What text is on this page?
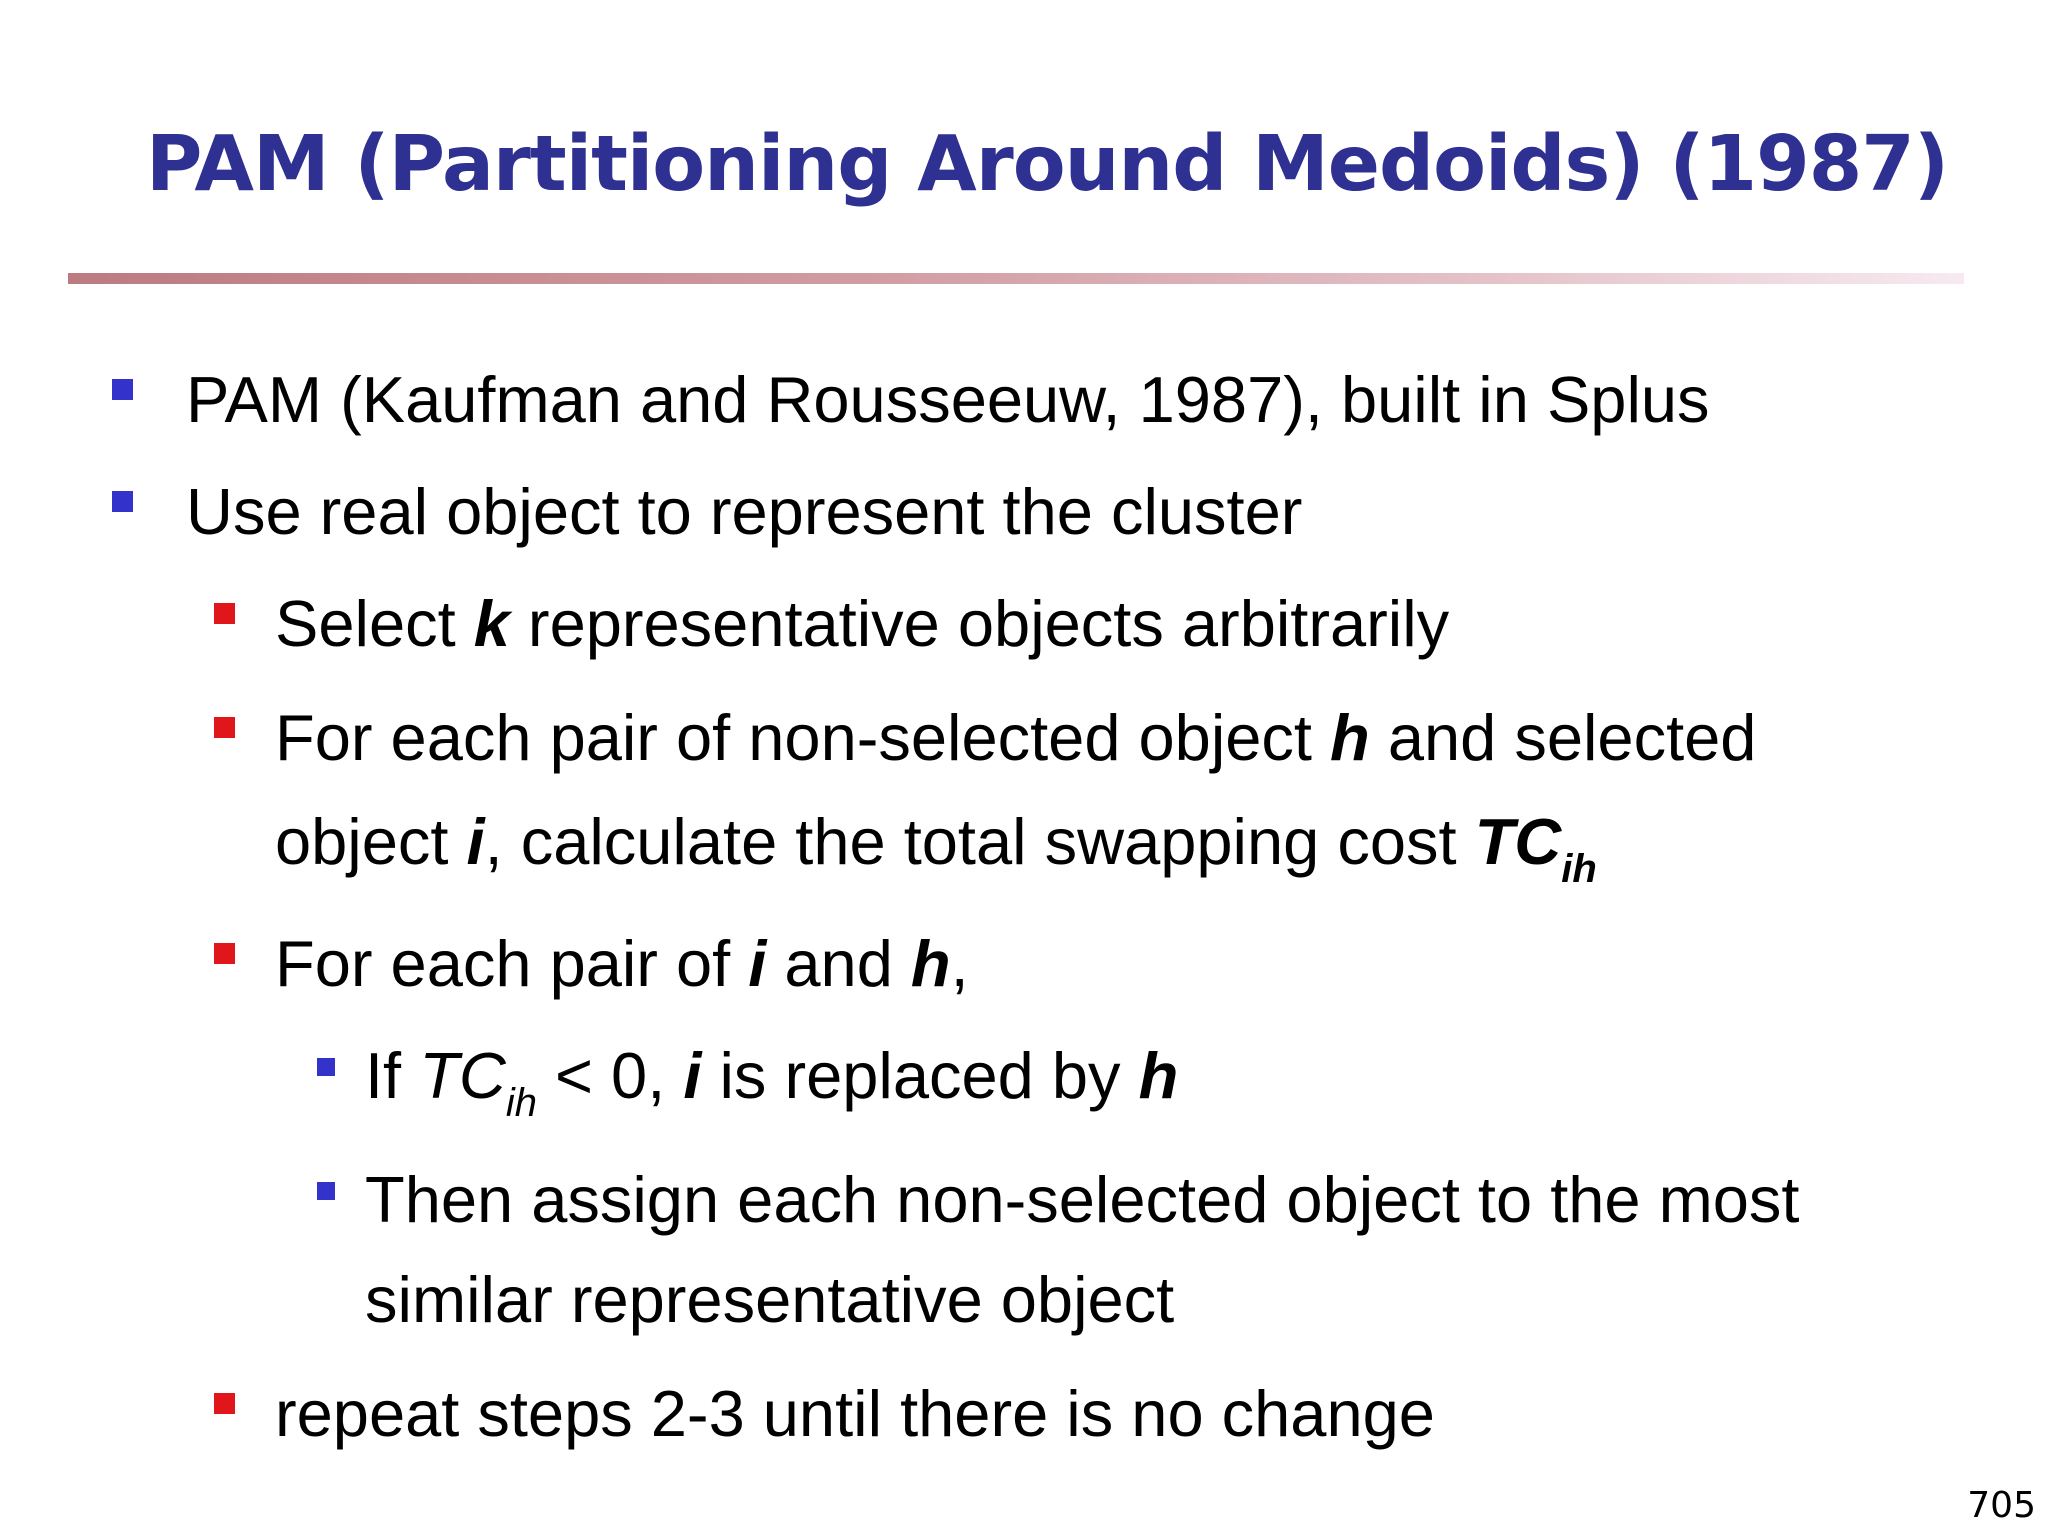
PAM (Partitioning Around Medoids) (1987)
PAM (Kaufman and Rousseeuw, 1987), built in Splus
Use real object to represent the cluster
Select k representative objects arbitrarily
For each pair of non-selected object h and selected
object i, calculate the total swapping cost $TC_{ih}$
For each pair of i and h,
If $TC_{ih} < 0$, i is replaced by h
Then assign each non-selected object to the most
similar representative object
repeat steps 2-3 until there is no change
705
